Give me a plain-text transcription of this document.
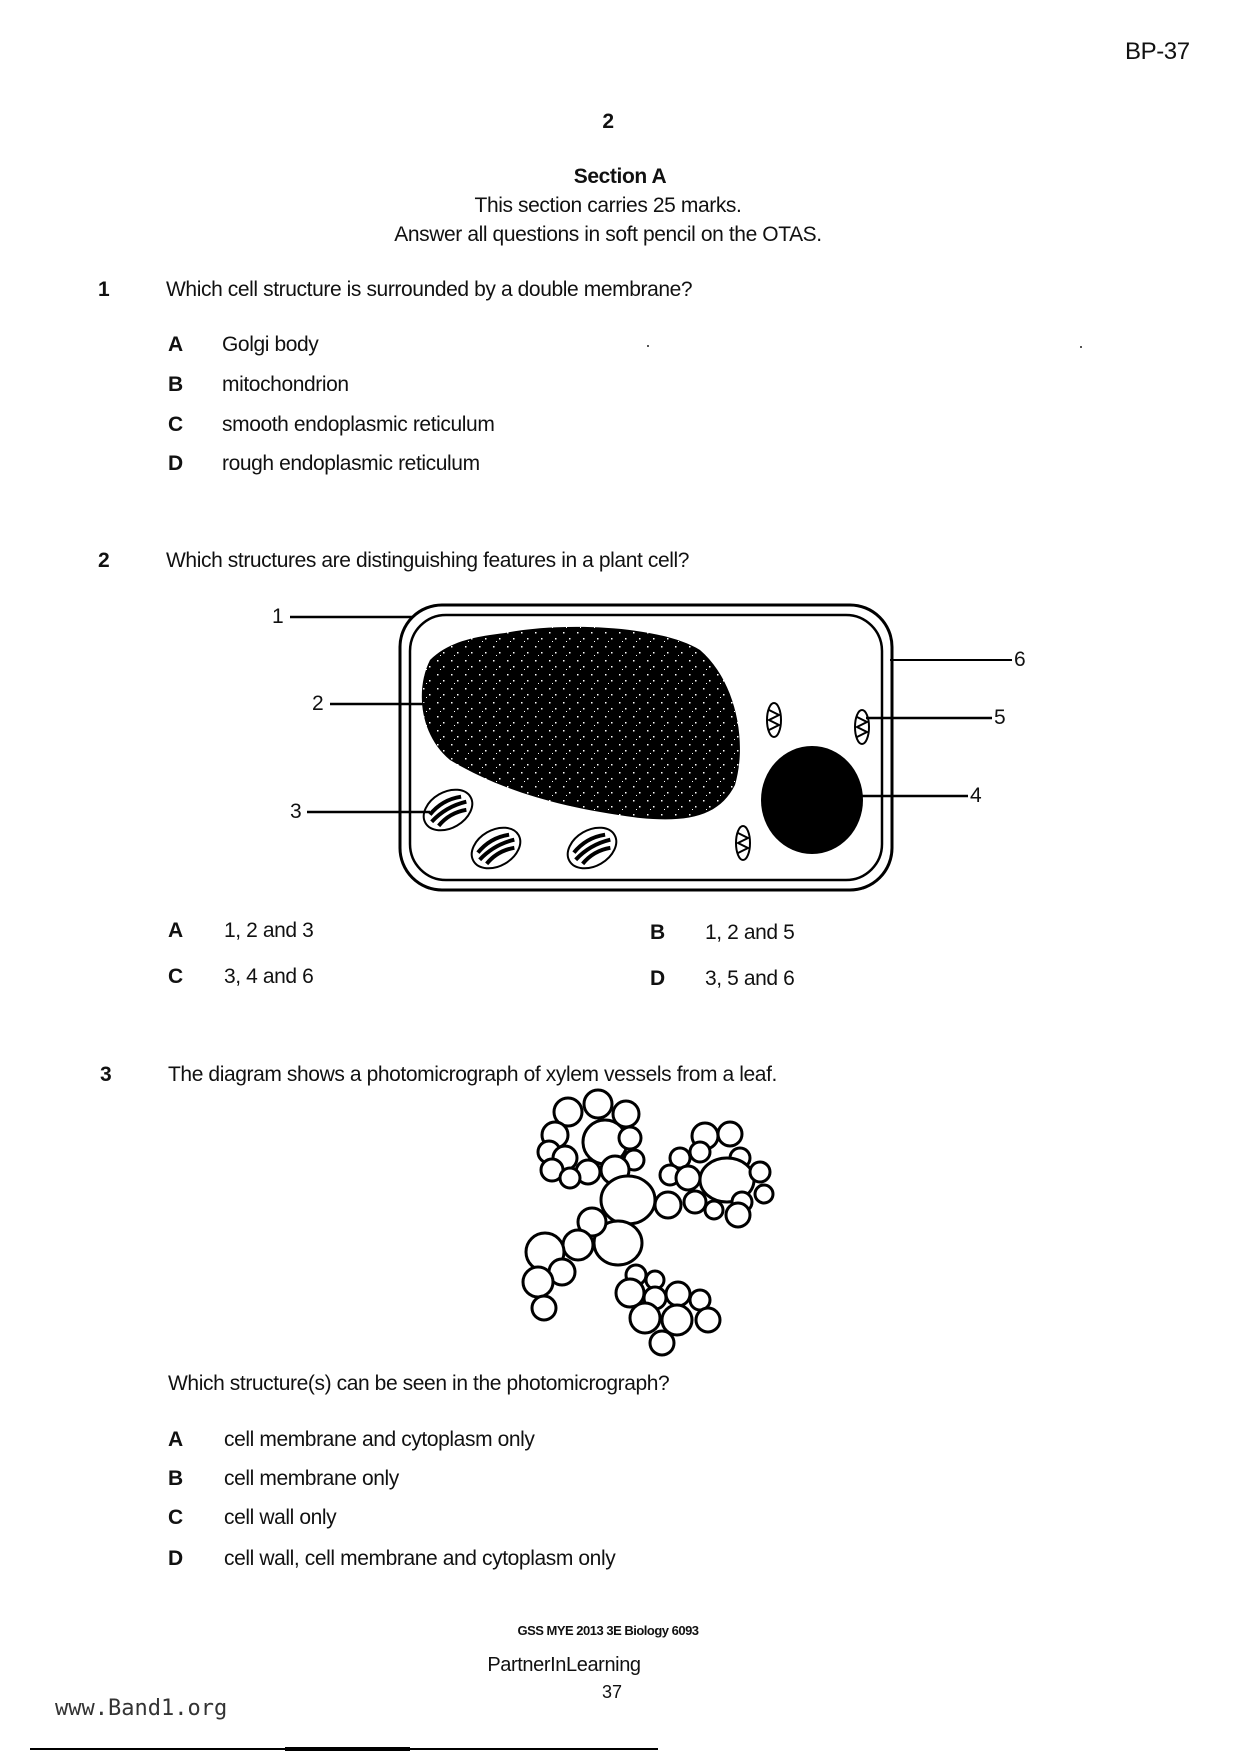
BP-37
2
Section A
This section carries 25 marks.
Answer all questions in soft pencil on the OTAS.
1	Which cell structure is surrounded by a double membrane?
A Golgi body
B mitochondrion
C smooth endoplasmic reticulum
D rough endoplasmic reticulum
2	Which structures are distinguishing features in a plant cell?
1
2
3
4
5
6
A 1, 2 and 3	B 1, 2 and 5
C 3, 4 and 6	D 3, 5 and 6
3	The diagram shows a photomicrograph of xylem vessels from a leaf.
Which structure(s) can be seen in the photomicrograph?
A cell membrane and cytoplasm only
B cell membrane only
C cell wall only
D cell wall, cell membrane and cytoplasm only
GSS MYE 2013 3E Biology 6093
PartnerInLearning
37
www.Band1.org
